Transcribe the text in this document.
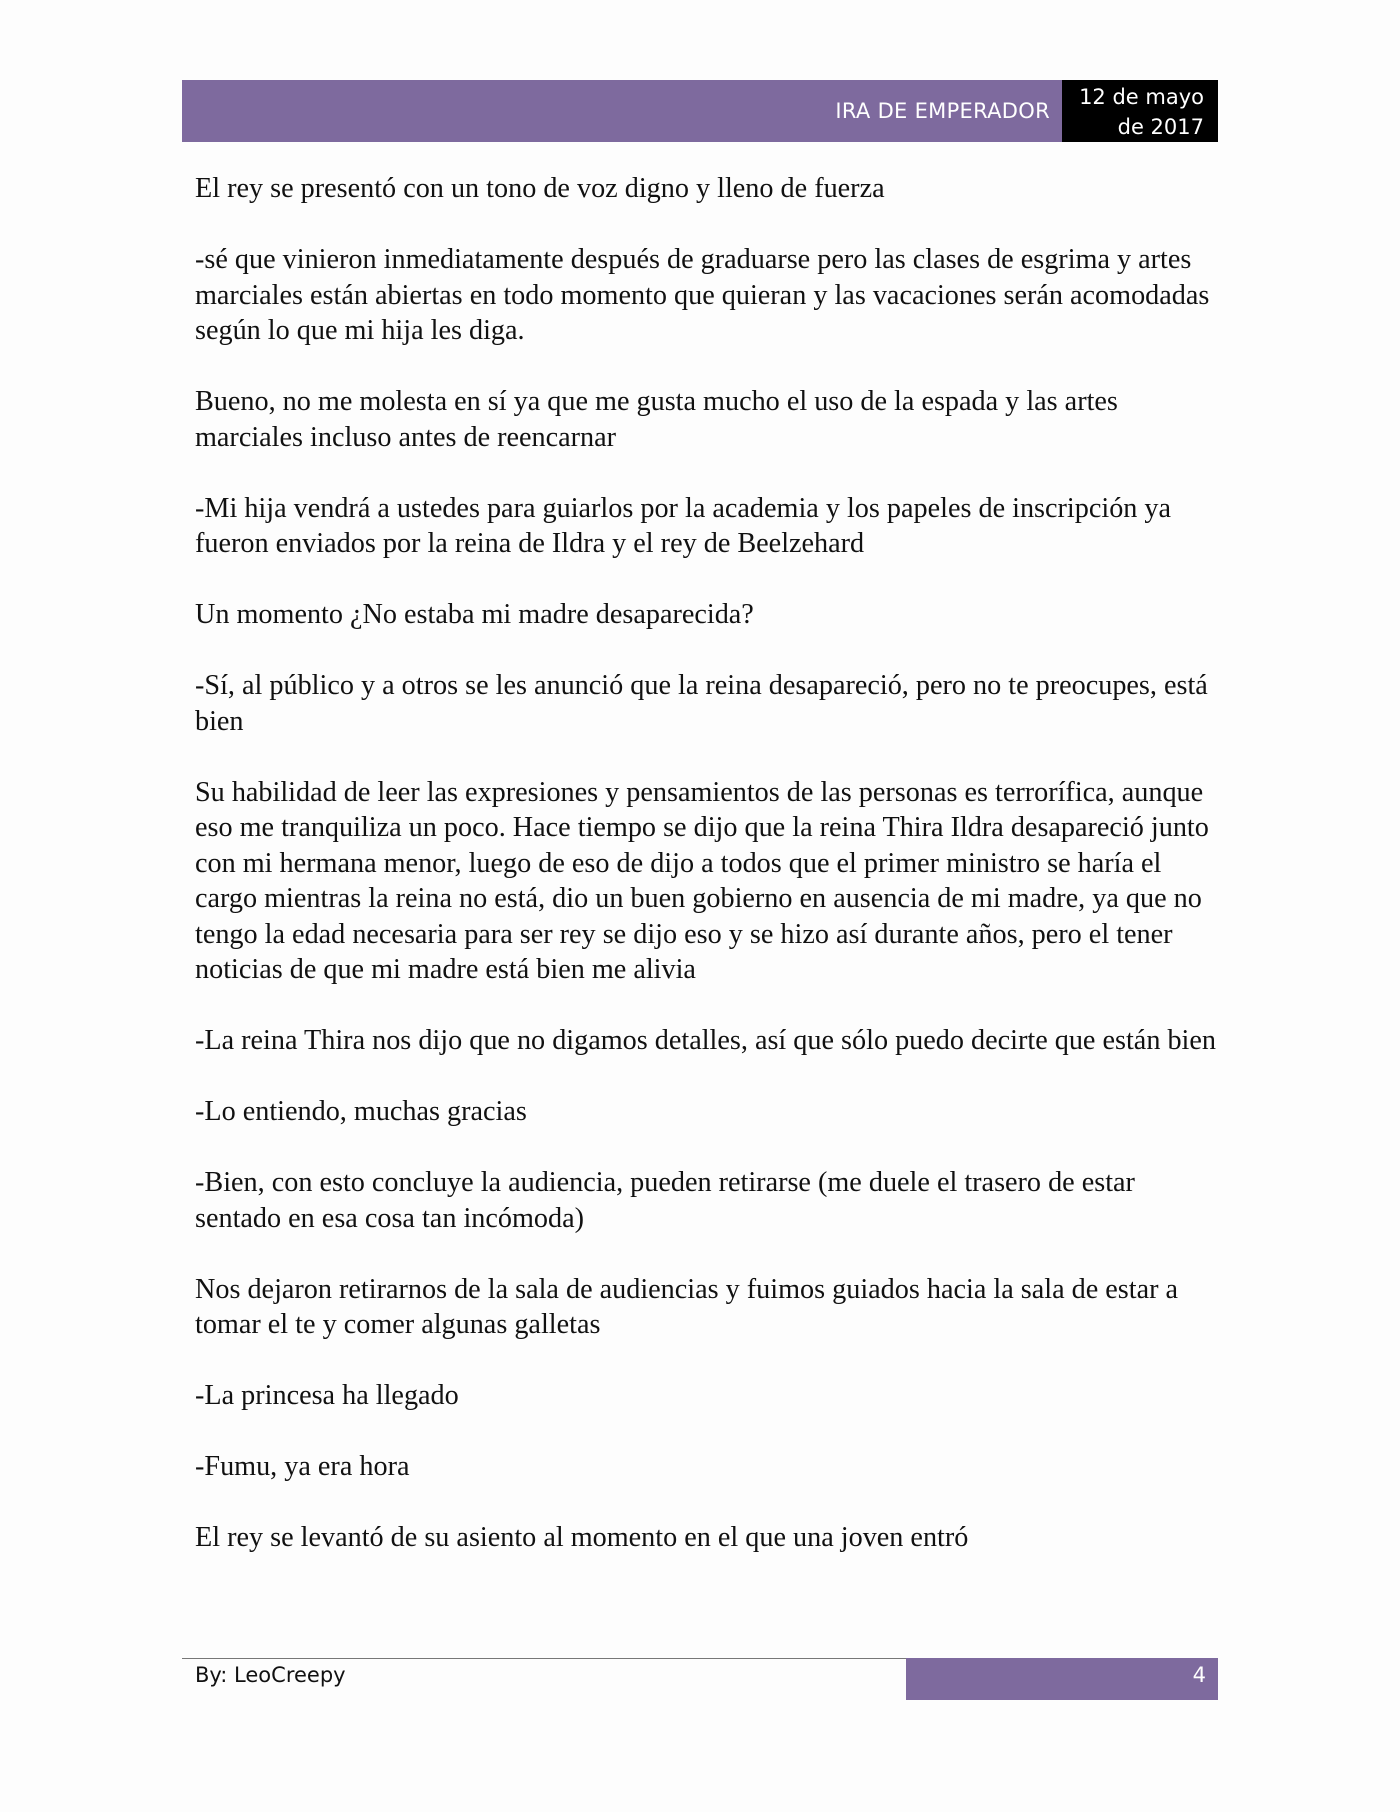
IRA DE EMPERADOR
12 de mayo
de 2017

El rey se presentó con un tono de voz digno y lleno de fuerza

-sé que vinieron inmediatamente después de graduarse pero las clases de esgrima y artes marciales están abiertas en todo momento que quieran y las vacaciones serán acomodadas según lo que mi hija les diga.

Bueno, no me molesta en sí ya que me gusta mucho el uso de la espada y las artes marciales incluso antes de reencarnar

-Mi hija vendrá a ustedes para guiarlos por la academia y los papeles de inscripción ya fueron enviados por la reina de Ildra y el rey de Beelzehard

Un momento ¿No estaba mi madre desaparecida?

-Sí, al público y a otros se les anunció que la reina desapareció, pero no te preocupes, está bien

Su habilidad de leer las expresiones y pensamientos de las personas es terrorífica, aunque eso me tranquiliza un poco. Hace tiempo se dijo que la reina Thira Ildra desapareció junto con mi hermana menor, luego de eso de dijo a todos que el primer ministro se haría el cargo mientras la reina no está, dio un buen gobierno en ausencia de mi madre, ya que no tengo la edad necesaria para ser rey se dijo eso y se hizo así durante años, pero el tener noticias de que mi madre está bien me alivia

-La reina Thira nos dijo que no digamos detalles, así que sólo puedo decirte que están bien

-Lo entiendo, muchas gracias

-Bien, con esto concluye la audiencia, pueden retirarse (me duele el trasero de estar sentado en esa cosa tan incómoda)

Nos dejaron retirarnos de la sala de audiencias y fuimos guiados hacia la sala de estar a tomar el te y comer algunas galletas

-La princesa ha llegado

-Fumu, ya era hora

El rey se levantó de su asiento al momento en el que una joven entró

By: LeoCreepy	4
